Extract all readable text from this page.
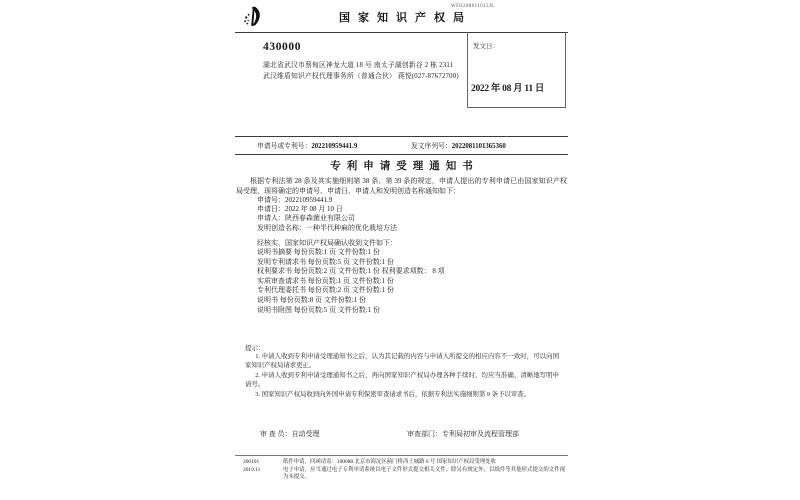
WD2208011013JL
国家知识产权局
430000
湖北省武汉市蔡甸区神龙大道 18 号 南太子湖创新谷 2 栋 2311
武汉维盾知识产权代理事务所（普通合伙） 蒋悦(027-87672700)
发文日：
2022 年 08 月 11 日
申请号或专利号：202210959441.9	发文序列号：2022081101365360
专利申请受理通知书

根据专利法第 28 条及其实施细则第 38 条、第 39 条的规定，申请人提出的专利申请已由国家知识产权局受理，现将确定的申请号、申请日、申请人和发明创造名称通知如下：

申请号：202210959441.9
申请日：2022 年 08 月 10 日
申请人：陕西春森菌业有限公司
发明创造名称：一种半代种麻的优化栽培方法
经核实，国家知识产权局确认收到文件如下：
说明书摘要 每份页数:1 页 文件份数:1 份
发明专利请求书 每份页数:5 页 文件份数:1 份
权利要求书 每份页数:2 页 文件份数:1 份 权利要求项数： 8 项
实质审查请求书 每份页数:1 页 文件份数:1 份
专利代理委托书 每份页数:2 页 文件份数:1 份
说明书 每份页数:8 页 文件份数:1 份
说明书附图 每份页数:5 页 文件份数:1 份
提示：
1. 申请人收到专利申请受理通知书之后，认为其记载的内容与申请人所提交的相应内容不一致时，可以向国家知识产权局请求更正。
2. 申请人收到专利申请受理通知书之后，再向国家知识产权局办理各种手续时，均应当准确、清晰地写明申请号。
3. 国家知识产权局收到向外国申请专利保密审查请求书后，依据专利法实施细则第 9 条予以审查。
审 查 员：自动受理	审查部门：专利局初审及流程管理部
200101	纸件申请，回函请寄：100088 北京市海淀区蓟门桥西土城路 6 号 国家知识产权局受理处收
2019.11	电子申请，应当通过电子专利申请系统以电子文件形式提交相关文件。除另有规定外，以纸件等其他形式提交的文件视为未提交。
